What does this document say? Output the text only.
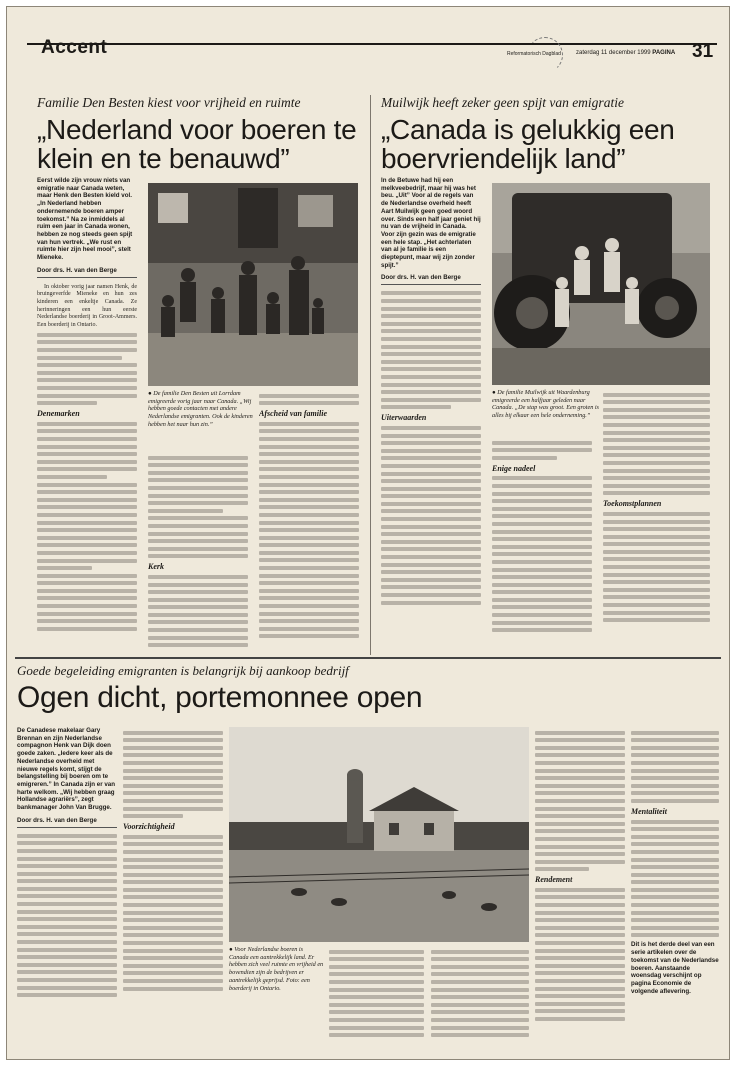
Accent	Reformatorisch Dagblad	zaterdag 11 december 1999 PAGINA 31
Familie Den Besten kiest voor vrijheid en ruimte
„Nederland voor boeren te klein en te benauwd”
Eerst wilde zijn vrouw niets van emigratie naar Canada weten, maar Henk den Besten kield vol. „In Nederland hebben ondernemende boeren amper toekomst.” Na ze inmiddels al ruim een jaar in Canada wonen, hebben ze nog steeds geen spijt van hun vertrek. „We rust en ruimte hier zijn heel mooi”, stelt Mieneke.
Door drs. H. van den Berge
In oktober vorig jaar namen Henk, de bruingeverfde Mieneke en hun zes kinderen een enkeltje Canada. Ze herinneringen een hun eerste Nederlandse boerderij in Groot-Ammers. Een boerderij in Ontario.
Denemarken
● De familie Den Besten uit Lorrdam emigreerde vorig jaar naar Canada. „Wij hebben goede contacten met andere Nederlandse emigranten. Ook de kinderen hebben het naar hun zin.”
Kerk
Afscheid van familie
Muilwijk heeft zeker geen spijt van emigratie
„Canada is gelukkig een boervriendelijk land”
In de Betuwe had hij een melkveebedrijf, maar hij was het beu. „Uit” Voor al de regels van de Nederlandse overheid heeft Aart Muilwijk geen goed woord over. Sinds een half jaar geniet hij nu van de vrijheid in Canada. Voor zijn gezin was de emigratie een hele stap. „Het achterlaten van al je familie is een dieptepunt, maar wij zijn zonder spijt.”
Door drs. H. van den Berge
Uiterwaarden
● De familie Muilwijk uit Waardenburg emigreerde een halfjaar geleden naar Canada. „De stap was groot. Een groten is alles bij elkaar een hele onderneming.”
Enige nadeel
Toekomstplannen
Goede begeleiding emigranten is belangrijk bij aankoop bedrijf
Ogen dicht, portemonnee open
De Canadese makelaar Gary Brennan en zijn Nederlandse compagnon Henk van Dijk doen goede zaken. „Iedere keer als de Nederlandse overheid met nieuwe regels komt, stijgt de belangstelling bij boeren om te emigreren.” In Canada zijn er van harte welkom. „Wij hebben graag Hollandse agrariërs”, zegt bankmanager John Van Brugge.
Door drs. H. van den Berge
Voorzichtigheid
● Voor Nederlandse boeren is Canada een aantrekkelijk land. Er hebben zich veel ruimte en vrijheid en bovendien zijn de bedrijven er aantrekkelijk geprijsd. Foto: een boerderij in Ontario.
Rendement
Mentaliteit
Dit is het derde deel van een serie artikelen over de toekomst van de Nederlandse boeren. Aanstaande woensdag verschijnt op pagina Economie de volgende aflevering.
